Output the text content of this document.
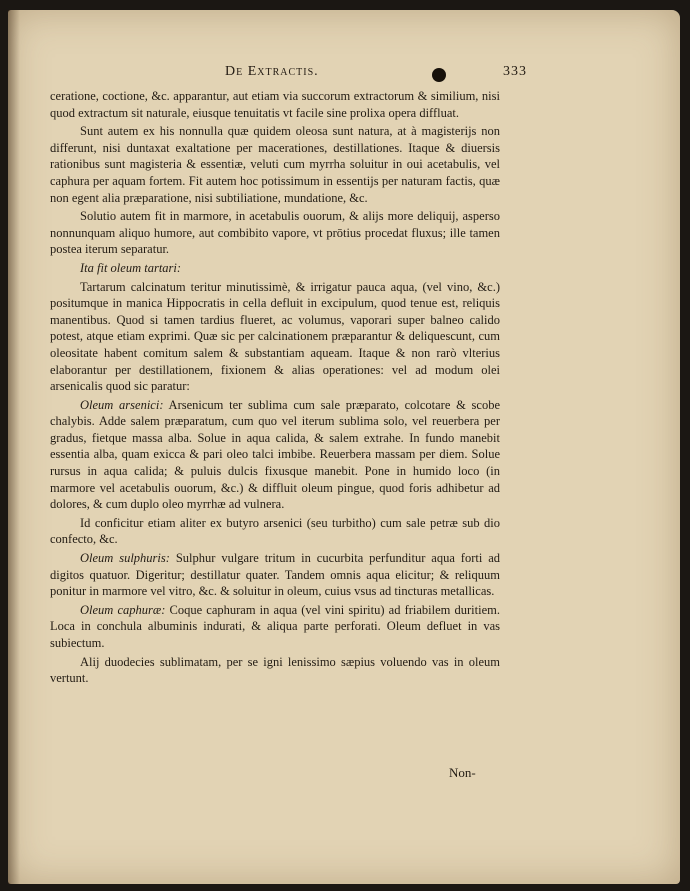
De Extractis.	333

ceratione, coctione, &c. apparantur, aut etiam via succorum extractorum & similium, nisi quod extractum sit naturale, eiusque tenuitatis vt facile sine prolixa opera diffluat.

Sunt autem ex his nonnulla quæ quidem oleosa sunt natura, at à magisterijs non differunt, nisi duntaxat exaltatione per macerationes, destillationes. Itaque & diuersis rationibus sunt magisteria & essentiæ, veluti cum myrrha soluitur in oui acetabulis, vel caphura per aquam fortem. Fit autem hoc potissimum in essentijs per naturam factis, quæ non egent alia præparatione, nisi subtiliatione, mundatione, &c.

Solutio autem fit in marmore, in acetabulis ouorum, & alijs more deliquij, asperso nonnunquam aliquo humore, aut combibito vapore, vt prōtius procedat fluxus; ille tamen postea iterum separatur.

Ita fit oleum tartari:

Tartarum calcinatum teritur minutissimè, & irrigatur pauca aqua, (vel vino, &c.) positumque in manica Hippocratis in cella defluit in excipulum, quod tenue est, reliquis manentibus. Quod si tamen tardius flueret, ac volumus, vaporari super balneo calido potest, atque etiam exprimi. Quæ sic per calcinationem præparantur & deliquescunt, cum oleositate habent comitum salem & substantiam aqueam. Itaque & non rarò vlterius elaborantur per destillationem, fixionem & alias operationes: vel ad modum olei arsenicalis quod sic paratur:

Oleum arsenici: Arsenicum ter sublima cum sale præparato, colcotare & scobe chalybis. Adde salem præparatum, cum quo vel iterum sublima solo, vel reuerbera per gradus, fietque massa alba. Solue in aqua calida, & salem extrahe. In fundo manebit essentia alba, quam exicca & pari oleo talci imbibe. Reuerbera massam per diem. Solue rursus in aqua calida; & puluis dulcis fixusque manebit. Pone in humido loco (in marmore vel acetabulis ouorum, &c.) & diffluit oleum pingue, quod foris adhibetur ad dolores, & cum duplo oleo myrrhæ ad vulnera.

Id conficitur etiam aliter ex butyro arsenici (seu turbitho) cum sale petræ sub dio confecto, &c.

Oleum sulphuris: Sulphur vulgare tritum in cucurbita perfunditur aqua forti ad digitos quatuor. Digeritur; destillatur quater. Tandem omnis aqua elicitur; & reliquum ponitur in marmore vel vitro, &c. & soluitur in oleum, cuius vsus ad tincturas metallicas.

Oleum caphuræ: Coque caphuram in aqua (vel vini spiritu) ad friabilem duritiem. Loca in conchula albuminis indurati, & aliqua parte perforati. Oleum defluet in vas subiectum.

Alij duodecies sublimatam, per se igni lenissimo sæpius voluendo vas in oleum vertunt.

Non-
